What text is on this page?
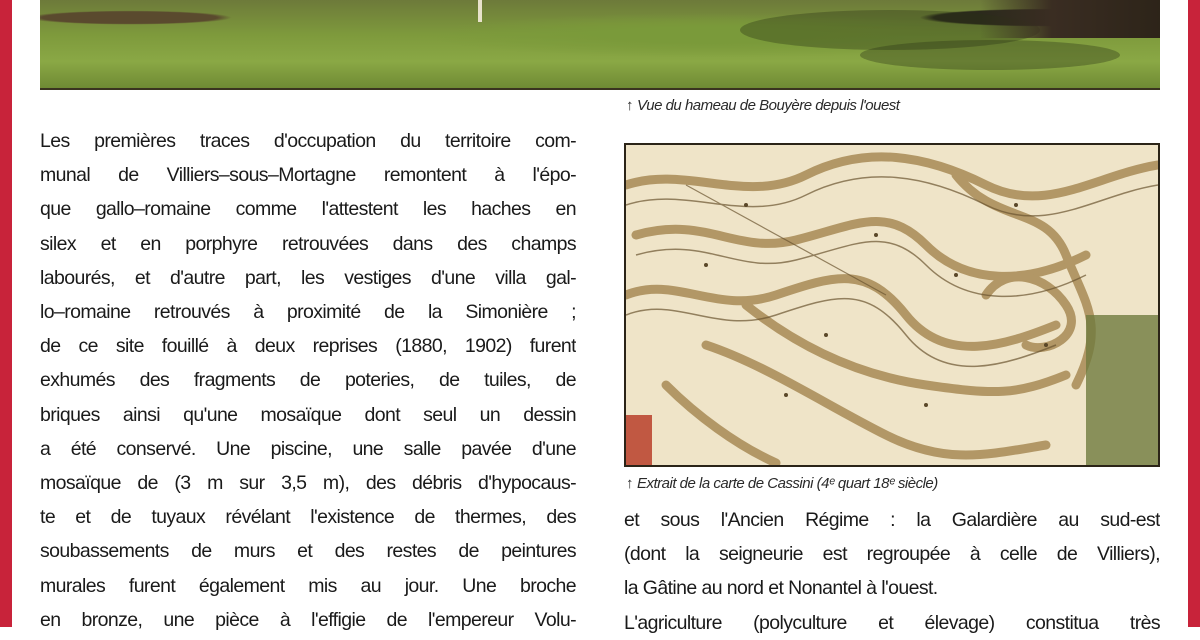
↑ Vue du hameau de Bouyère depuis l'ouest

Les premières traces d'occupation du territoire com-
munal de Villiers–sous–Mortagne remontent à l'épo-
que gallo–romaine comme l'attestent les haches en
silex et en porphyre retrouvées dans des champs
labourés, et d'autre part, les vestiges d'une villa gal-
lo–romaine retrouvés à proximité de la Simonière ;
de ce site fouillé à deux reprises (1880, 1902) furent
exhumés des fragments de poteries, de tuiles, de
briques ainsi qu'une mosaïque dont seul un dessin
a été conservé. Une piscine, une salle pavée d'une
mosaïque de (3 m sur 3,5 m), des débris d'hypocaus-
te et de tuyaux révélant l'existence de thermes, des
soubassements de murs et des restes de peintures
murales furent également mis au jour. Une broche
en bronze, une pièce à l'effigie de l'empereur Volu-

↑ Extrait de la carte de Cassini (4ᵉ quart 18ᵉ siècle)

et sous l'Ancien Régime : la Galardière au sud-est
(dont la seigneurie est regroupée à celle de Villiers),
la Gâtine au nord et Nonantel à l'ouest.
L'agriculture (polyculture et élevage) constitua très
